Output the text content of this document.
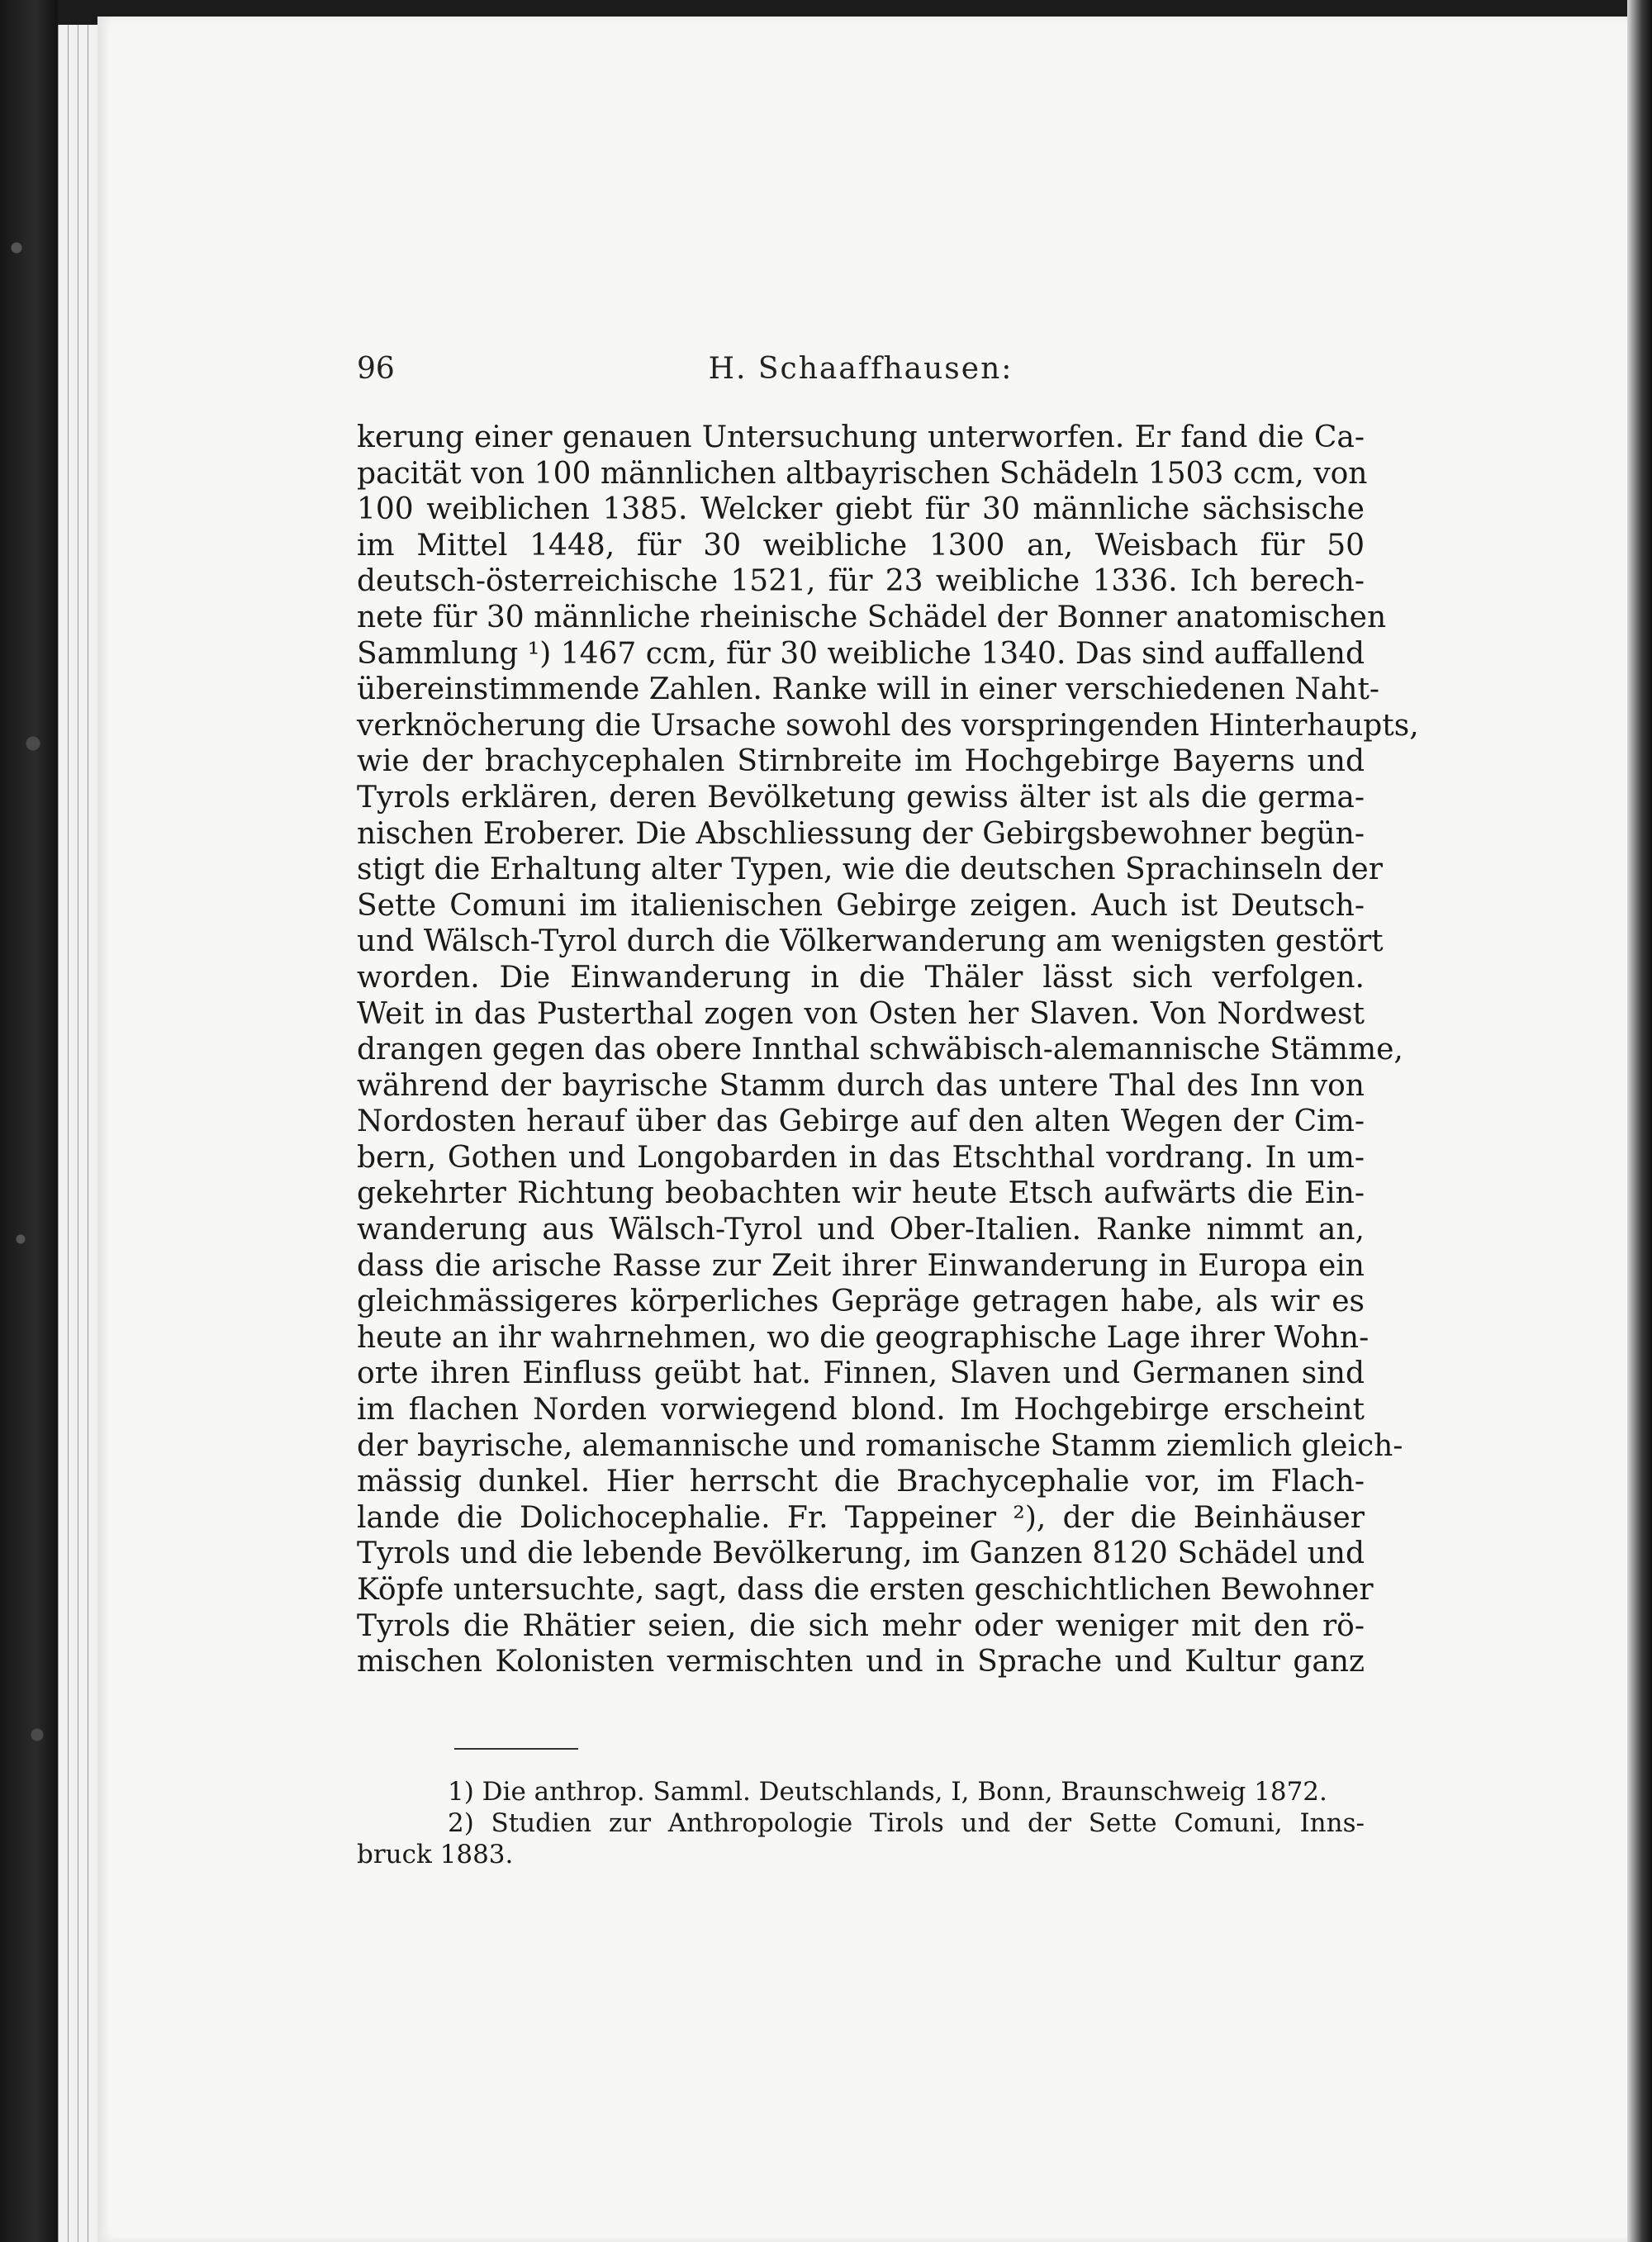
96	H. Schaaffhausen:
kerung einer genauen Untersuchung unterworfen. Er fand die Ca-
pacität von 100 männlichen altbayrischen Schädeln 1503 ccm, von
100 weiblichen 1385. Welcker giebt für 30 männliche sächsische
im Mittel 1448, für 30 weibliche 1300 an, Weisbach für 50
deutsch-österreichische 1521, für 23 weibliche 1336. Ich berech-
nete für 30 männliche rheinische Schädel der Bonner anatomischen
Sammlung ¹) 1467 ccm, für 30 weibliche 1340. Das sind auffallend
übereinstimmende Zahlen. Ranke will in einer verschiedenen Naht-
verknöcherung die Ursache sowohl des vorspringenden Hinterhaupts,
wie der brachycephalen Stirnbreite im Hochgebirge Bayerns und
Tyrols erklären, deren Bevölketung gewiss älter ist als die germa-
nischen Eroberer. Die Abschliessung der Gebirgsbewohner begün-
stigt die Erhaltung alter Typen, wie die deutschen Sprachinseln der
Sette Comuni im italienischen Gebirge zeigen. Auch ist Deutsch-
und Wälsch-Tyrol durch die Völkerwanderung am wenigsten gestört
worden. Die Einwanderung in die Thäler lässt sich verfolgen.
Weit in das Pusterthal zogen von Osten her Slaven. Von Nordwest
drangen gegen das obere Innthal schwäbisch-alemannische Stämme,
während der bayrische Stamm durch das untere Thal des Inn von
Nordosten herauf über das Gebirge auf den alten Wegen der Cim-
bern, Gothen und Longobarden in das Etschthal vordrang. In um-
gekehrter Richtung beobachten wir heute Etsch aufwärts die Ein-
wanderung aus Wälsch-Tyrol und Ober-Italien. Ranke nimmt an,
dass die arische Rasse zur Zeit ihrer Einwanderung in Europa ein
gleichmässigeres körperliches Gepräge getragen habe, als wir es
heute an ihr wahrnehmen, wo die geographische Lage ihrer Wohn-
orte ihren Einfluss geübt hat. Finnen, Slaven und Germanen sind
im flachen Norden vorwiegend blond. Im Hochgebirge erscheint
der bayrische, alemannische und romanische Stamm ziemlich gleich-
mässig dunkel. Hier herrscht die Brachycephalie vor, im Flach-
lande die Dolichocephalie. Fr. Tappeiner ²), der die Beinhäuser
Tyrols und die lebende Bevölkerung, im Ganzen 8120 Schädel und
Köpfe untersuchte, sagt, dass die ersten geschichtlichen Bewohner
Tyrols die Rhätier seien, die sich mehr oder weniger mit den rö-
mischen Kolonisten vermischten und in Sprache und Kultur ganz
1) Die anthrop. Samml. Deutschlands, I, Bonn, Braunschweig 1872.
2) Studien zur Anthropologie Tirols und der Sette Comuni, Inns-
bruck 1883.
